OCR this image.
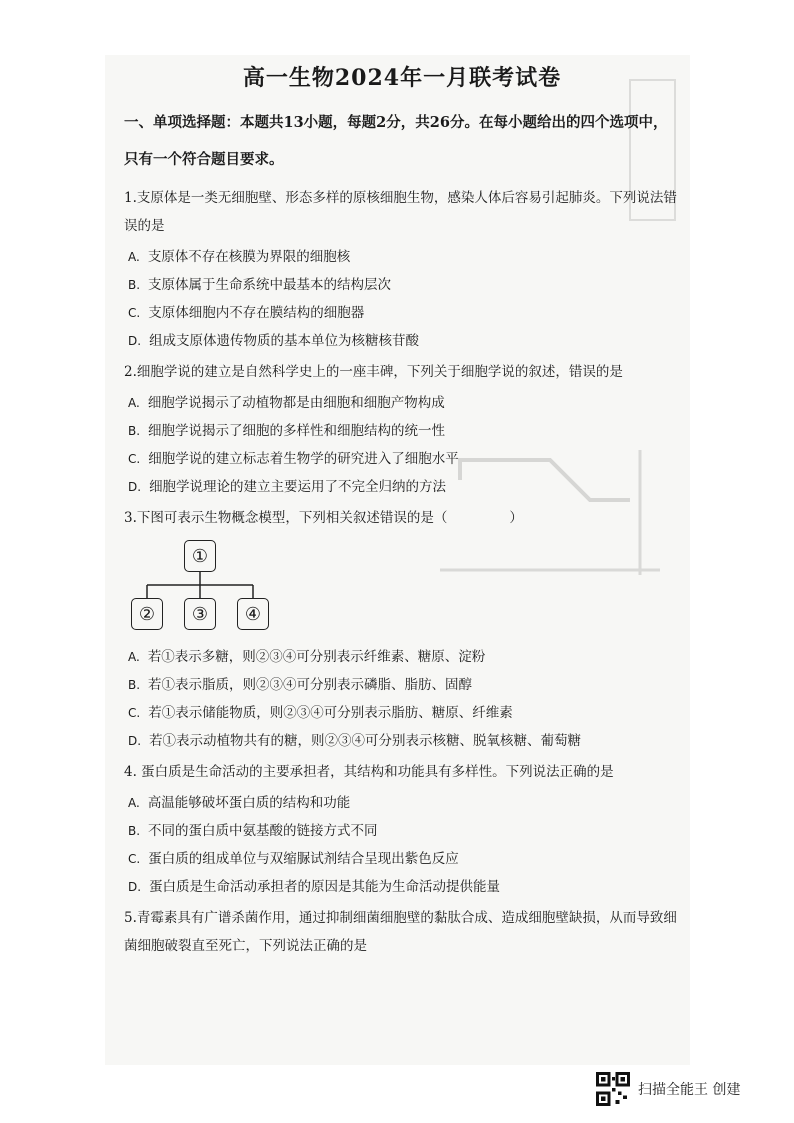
高一生物2024年一月联考试卷
一、单项选择题：本题共13小题，每题2分，共26分。在每小题给出的四个选项中，只有一个符合题目要求。
1.支原体是一类无细胞壁、形态多样的原核细胞生物，感染人体后容易引起肺炎。下列说法错误的是
A. 支原体不存在核膜为界限的细胞核
B. 支原体属于生命系统中最基本的结构层次
C. 支原体细胞内不存在膜结构的细胞器
D. 组成支原体遗传物质的基本单位为核糖核苷酸
2.细胞学说的建立是自然科学史上的一座丰碑，下列关于细胞学说的叙述，错误的是
A. 细胞学说揭示了动植物都是由细胞和细胞产物构成
B. 细胞学说揭示了细胞的多样性和细胞结构的统一性
C. 细胞学说的建立标志着生物学的研究进入了细胞水平
D. 细胞学说理论的建立主要运用了不完全归纳的方法
3.下图可表示生物概念模型，下列相关叙述错误的是（	）
①
②	③	④
A. 若①表示多糖，则②③④可分别表示纤维素、糖原、淀粉
B. 若①表示脂质，则②③④可分别表示磷脂、脂肪、固醇
C. 若①表示储能物质，则②③④可分别表示脂肪、糖原、纤维素
D. 若①表示动植物共有的糖，则②③④可分别表示核糖、脱氧核糖、葡萄糖
4. 蛋白质是生命活动的主要承担者，其结构和功能具有多样性。下列说法正确的是
A. 高温能够破坏蛋白质的结构和功能
B. 不同的蛋白质中氨基酸的链接方式不同
C. 蛋白质的组成单位与双缩脲试剂结合呈现出紫色反应
D. 蛋白质是生命活动承担者的原因是其能为生命活动提供能量
5.青霉素具有广谱杀菌作用，通过抑制细菌细胞壁的黏肽合成、造成细胞壁缺损，从而导致细菌细胞破裂直至死亡，下列说法正确的是
扫描全能王 创建
